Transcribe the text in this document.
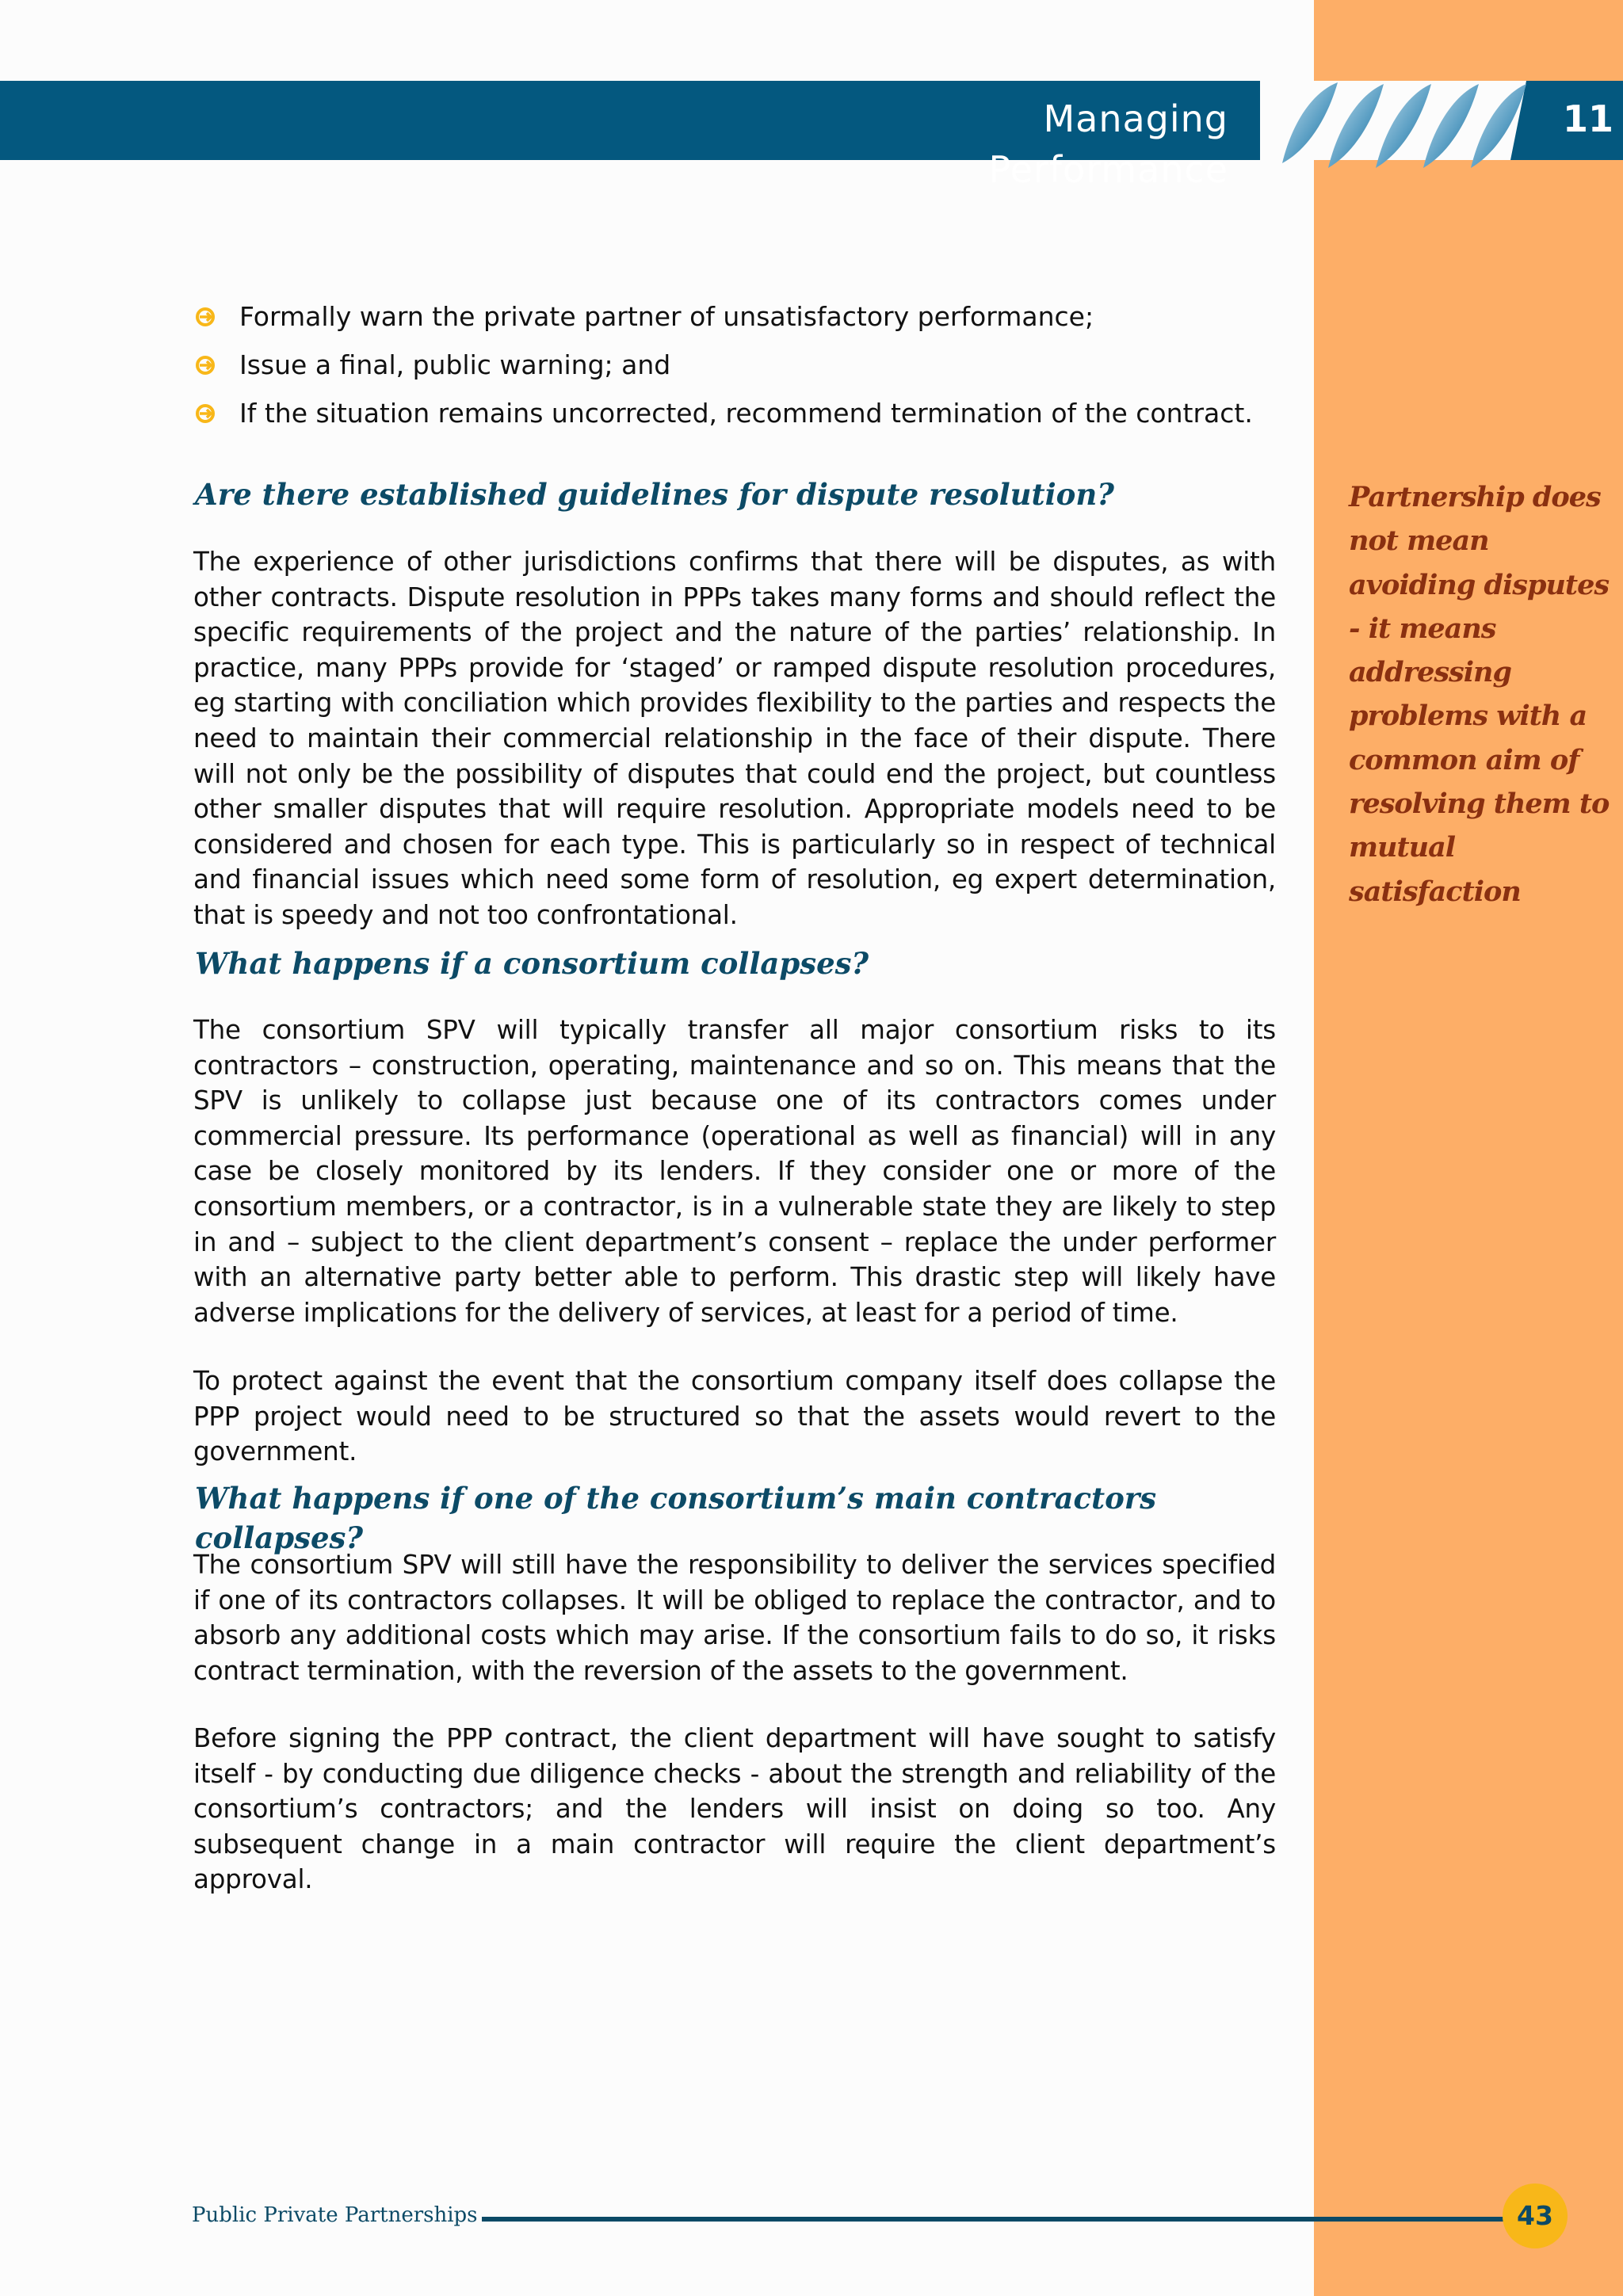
Managing Performance
11
Formally warn the private partner of unsatisfactory performance;
Issue a final, public warning; and
If the situation remains uncorrected, recommend termination of the contract.
Are there established guidelines for dispute resolution?

The experience of other jurisdictions confirms that there will be disputes, as with other contracts. Dispute resolution in PPPs takes many forms and should reflect the specific requirements of the project and the nature of the parties’ relationship. In practice, many PPPs provide for ‘staged’ or ramped dispute resolution procedures, eg starting with conciliation which provides flexibility to the parties and respects the need to maintain their commercial relationship in the face of their dispute. There will not only be the possibility of disputes that could end the project, but countless other smaller disputes that will require resolution. Appropriate models need to be considered and chosen for each type. This is particularly so in respect of technical and financial issues which need some form of resolution, eg expert determination, that is speedy and not too confrontational.

What happens if a consortium collapses?

The consortium SPV will typically transfer all major consortium risks to its contractors – construction, operating, maintenance and so on. This means that the SPV is unlikely to collapse just because one of its contractors comes under commercial pressure. Its performance (operational as well as financial) will in any case be closely monitored by its lenders. If they consider one or more of the consortium members, or a contractor, is in a vulnerable state they are likely to step in and – subject to the client department’s consent – replace the under performer with an alternative party better able to perform. This drastic step will likely have adverse implications for the delivery of services, at least for a period of time.

To protect against the event that the consortium company itself does collapse the PPP project would need to be structured so that the assets would revert to the government.

What happens if one of the consortium’s main contractors collapses?

The consortium SPV will still have the responsibility to deliver the services specified if one of its contractors collapses. It will be obliged to replace the contractor, and to absorb any additional costs which may arise. If the consortium fails to do so, it risks contract termination, with the reversion of the assets to the government.

Before signing the PPP contract, the client department will have sought to satisfy itself - by conducting due diligence checks - about the strength and reliability of the consortium’s contractors; and the lenders will insist on doing so too. Any subsequent change in a main contractor will require the client department’s approval.

Partnership does not mean avoiding disputes - it means addressing problems with a common aim of resolving them to mutual satisfaction

Public Private Partnerships	43
